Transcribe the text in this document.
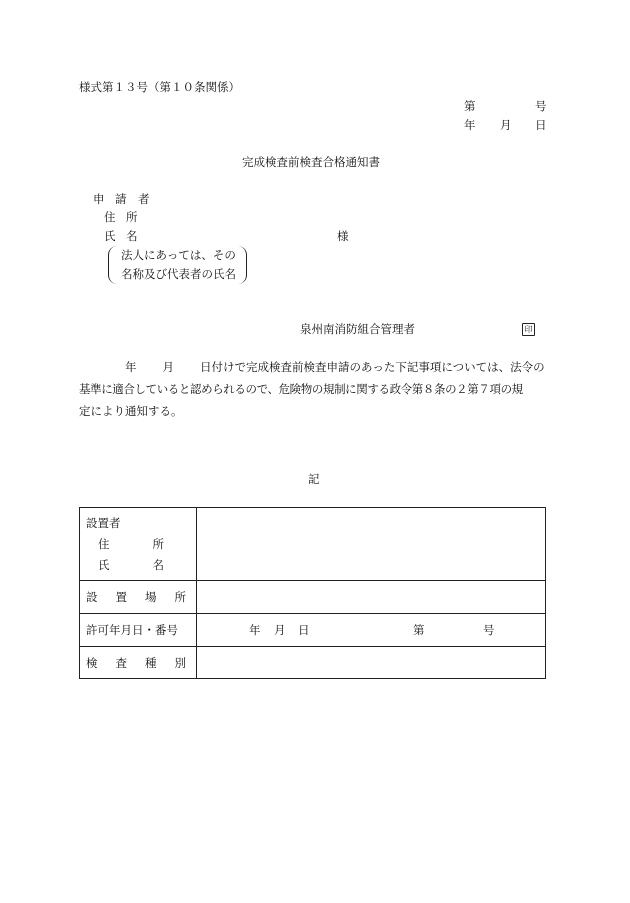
様式第１３号（第１０条関係）
第	号
年 月 日
完成検査前検査合格通知書
申 請 者
住 所
氏 名	様
法人にあっては、その
名称及び代表者の氏名
泉州南消防組合管理者	印

年 月 日付けで完成検査前検査申請のあった下記事項については、法令の

基準に適合していると認められるので、危険物の規制に関する政令第８条の２第７項の規

定により通知する。

記
設置者
住 所
氏 名	

設 置 場 所	

許可年月日・番号	年 月 日 第 号

検 査 種 別	
